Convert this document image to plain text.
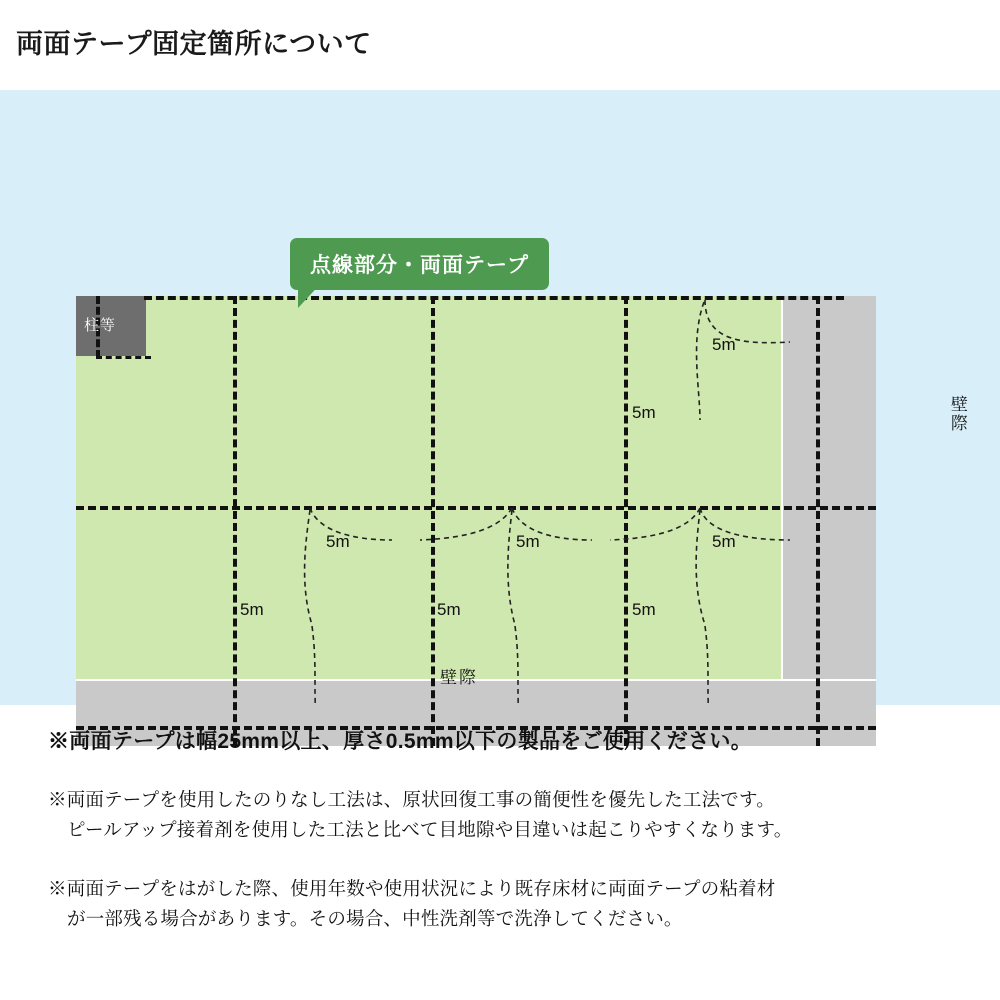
両面テープ固定箇所について
柱等
点線部分・両面テープ
5m
5m
5m	5m	5m
5m	5m	5m
壁際
壁際
※両面テープは幅25mm以上、厚さ0.5mm以下の製品をご使用ください。
※両面テープを使用したのりなし工法は、原状回復工事の簡便性を優先した工法です。
ピールアップ接着剤を使用した工法と比べて目地隙や目違いは起こりやすくなります。
※両面テープをはがした際、使用年数や使用状況により既存床材に両面テープの粘着材
が一部残る場合があります。その場合、中性洗剤等で洗浄してください。
